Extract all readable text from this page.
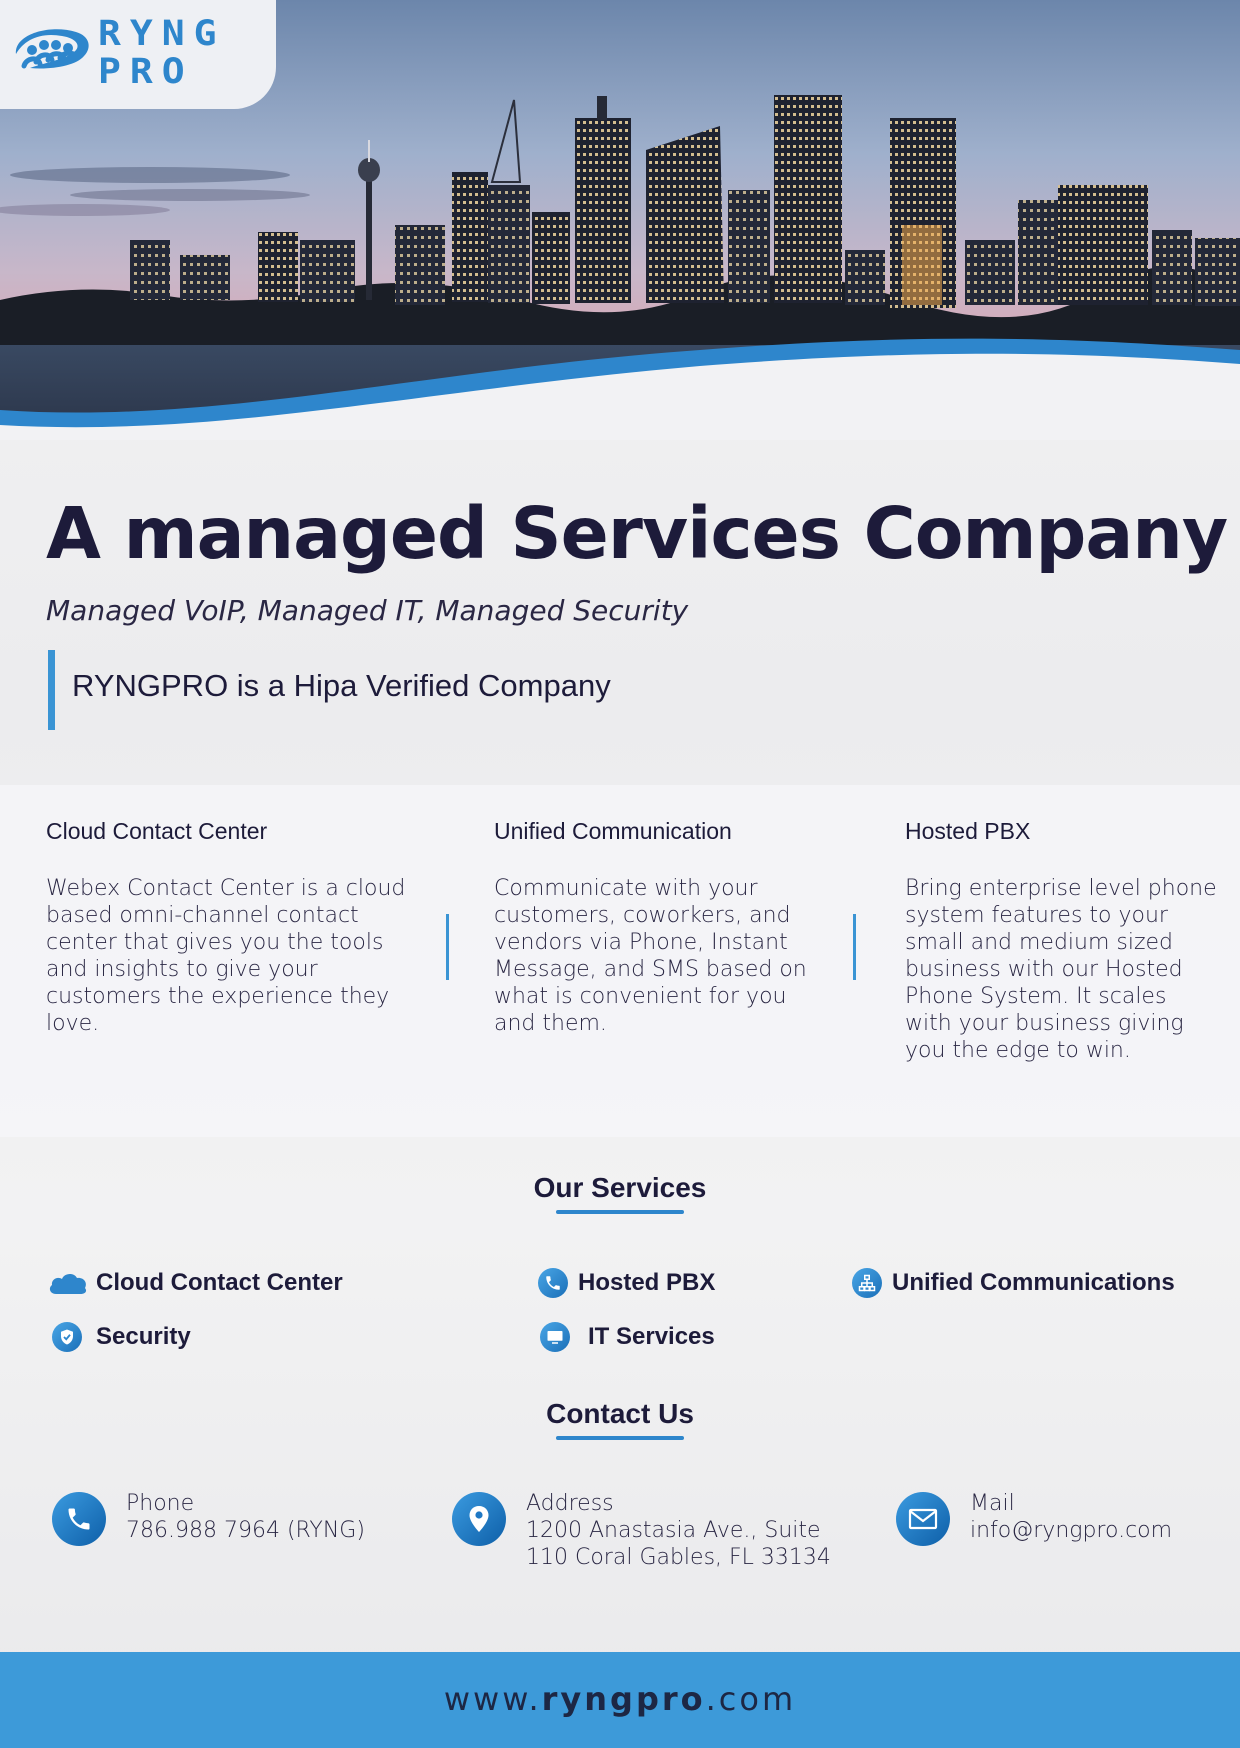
RYNG
PRO
A managed Services Company
Managed VoIP, Managed IT, Managed Security
RYNGPRO is a Hipa Verified Company
Cloud Contact Center

Webex Contact Center is a cloud based omni-channel contact center that gives you the tools and insights to give your customers the experience they love.

Unified Communication

Communicate with your customers, coworkers, and vendors via Phone, Instant Message, and SMS based on what is convenient for you and them.

Hosted PBX

Bring enterprise level phone system features to your small and medium sized business with our Hosted Phone System. It scales with your business giving you the edge to win.

Our Services
Cloud Contact Center	Hosted PBX	Unified Communications
Security	IT Services
Contact Us
Phone
786.988 7964 (RYNG)
Address
1200 Anastasia Ave., Suite
110 Coral Gables, FL 33134
Mail
info@ryngpro.com
www.ryngpro.com
